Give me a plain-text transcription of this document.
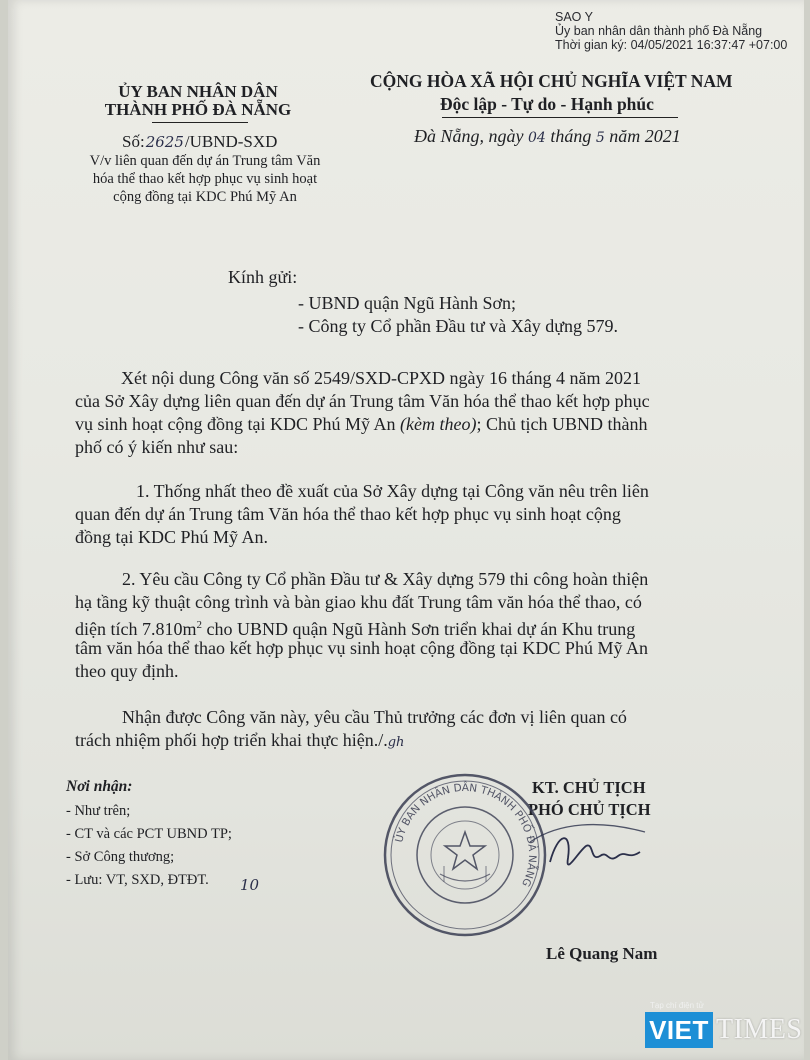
SAO Y
Ủy ban nhân dân thành phố Đà Nẵng
Thời gian ký: 04/05/2021 16:37:47 +07:00
ỦY BAN NHÂN DÂN
THÀNH PHỐ ĐÀ NẴNG
Số:2625/UBND-SXD
V/v liên quan đến dự án Trung tâm Văn
hóa thể thao kết hợp phục vụ sinh hoạt
cộng đồng tại KDC Phú Mỹ An
CỘNG HÒA XÃ HỘI CHỦ NGHĨA VIỆT NAM
Độc lập - Tự do - Hạnh phúc
Đà Nẵng, ngày 04 tháng 5 năm 2021
Kính gửi:
- UBND quận Ngũ Hành Sơn;
- Công ty Cổ phần Đầu tư và Xây dựng 579.
Xét nội dung Công văn số 2549/SXD-CPXD ngày 16 tháng 4 năm 2021
của Sở Xây dựng liên quan đến dự án Trung tâm Văn hóa thể thao kết hợp phục
vụ sinh hoạt cộng đồng tại KDC Phú Mỹ An (kèm theo); Chủ tịch UBND thành
phố có ý kiến như sau:
1. Thống nhất theo đề xuất của Sở Xây dựng tại Công văn nêu trên liên
quan đến dự án Trung tâm Văn hóa thể thao kết hợp phục vụ sinh hoạt cộng
đồng tại KDC Phú Mỹ An.
2. Yêu cầu Công ty Cổ phần Đầu tư & Xây dựng 579 thi công hoàn thiện
hạ tầng kỹ thuật công trình và bàn giao khu đất Trung tâm văn hóa thể thao, có
diện tích $7.810m^2$ cho UBND quận Ngũ Hành Sơn triển khai dự án Khu trung
tâm văn hóa thể thao kết hợp phục vụ sinh hoạt cộng đồng tại KDC Phú Mỹ An
theo quy định.
Nhận được Công văn này, yêu cầu Thủ trưởng các đơn vị liên quan có
trách nhiệm phối hợp triển khai thực hiện./.gh
Nơi nhận:
- Như trên;
- CT và các PCT UBND TP;
- Sở Công thương;
- Lưu: VT, SXD, ĐTĐT. 10
KT. CHỦ TỊCH
PHÓ CHỦ TỊCH
ỦY BAN NHÂN DÂN THÀNH PHỐ ĐÀ NẴNG
Lê Quang Nam
Tạp chí điện tử
VIET TIMES
